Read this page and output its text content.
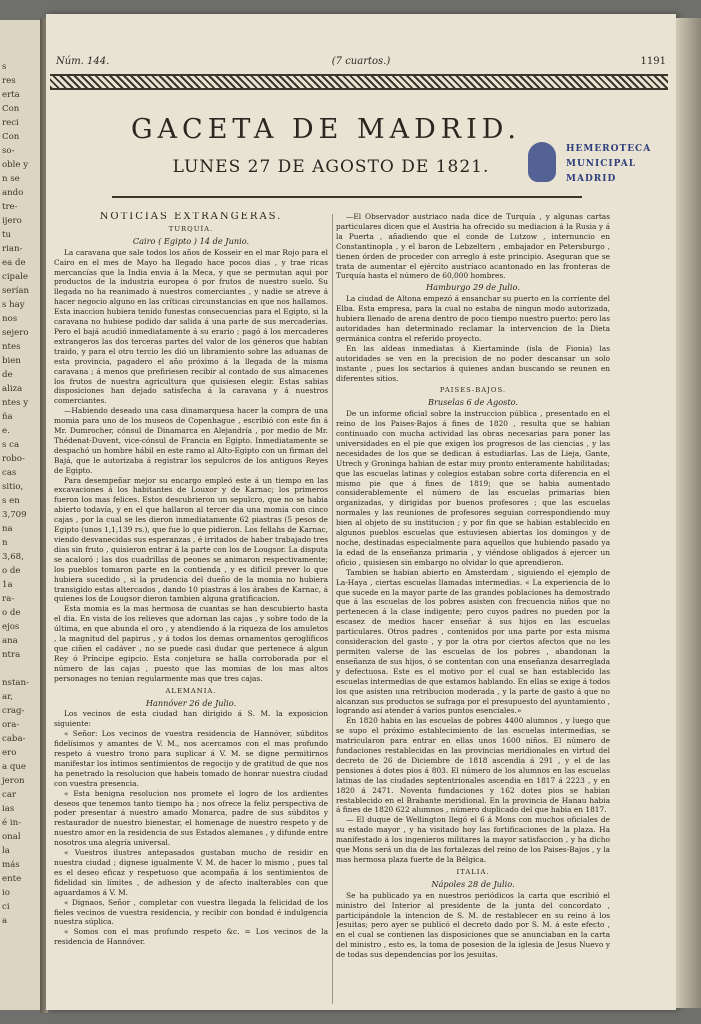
s
res
erta
Con
reci
Con
so-
oble y
n se
ando
tre-
ijero
tu
rian-
ea de
cipale
serían
s hay
nos
sejero
ntes
bien
de
aliza
ntes y
ña
e.
s ca
robo-
cas
sitio,
s en
3,709
na
n
3,68,
o de
1a
ra-
o de
ejos
ana
ntra

nstan-
ar,
crag-
ora-
caba-
ero
a que
jeron
car
ias
é in-
onal
la
más
ente
io
ci
a
Núm. 144.	(7 cuartos.)	1191
GACETA DE MADRID.
LUNES 27 DE AGOSTO DE 1821.
HEMEROTECA
MUNICIPAL
MADRID
NOTICIAS EXTRANGERAS.
TURQUÍA.
Cairo ( Egipto ) 14 de Junio.

La caravana que sale todos los años de Kosseir en el mar Rojo para el Cairo en el mes de Mayo ha llegado hace pocos dias , y trae ricas mercancías que la India envia á la Meca, y que se permutan aqui por productos de la industria europea ó por frutos de nuestro suelo. Su llegada no ha reanimado á nuestros comerciantes , y nadie se atreve á hacer negocio alguno en las críticas circunstancias en que nos hallamos. Esta inaccion hubiera tenido funestas consecuencias para el Egipto, si la caravana no hubiese podido dar salida á una parte de sus mercaderías. Pero el bajá acudió inmediatamente á su erario ; pagó á los mercaderes extrangeros las dos terceras partes del valor de los géneros que habian traido, y para el otro tercio les dió un libramiento sobre las aduanas de esta provincia, pagadero el año próximo á la llegada de la misma caravana ; á menos que prefiriesen recibir al contado de sus almacenes los frutos de nuestra agricultura que quisiesen elegir. Estas sabias disposiciones han dejado satisfecha á la caravana y á nuestros comerciantes.

—Habiendo deseado una casa dinamarquesa hacer la compra de una momia para uno de los museos de Copenhague , escribió con este fin á Mr. Dumrocher, cónsul de Dinamarca en Alejandría , por medio de Mr. Thédenat-Duvent, vice-cónsul de Francia en Egipto. Inmediatamente se despachó un hombre hábil en este ramo al Alto-Egipto con un firman del Bajá, que le autorizaba á registrar los sepulcros de los antiguos Reyes de Egipto.

Para desempeñar mejor su encargo empleó este á un tiempo en las excavaciones á los habitantes de Louxor y de Karnac; los primeros fueron los mas felices. Estos descubrieron un sepulcro, que no se habia abierto todavía, y en el que hallaron al tercer dia una momia con cinco cajas , por la cual se les dieron inmediatamente 62 piastras (5 pesos de Egipto (unos 1,1,139 rs.), que fue lo que pidieron. Los fellahs de Karnac, viendo desvanecidas sus esperanzas , é irritados de haber trabajado tres dias sin fruto , quisieron entrar á la parte con los de Lougsor. La disputa se acaloró ; las dos cuadrillas de peones se animaron respectivamente; los pueblos tomaron parte en la contienda , y es difícil prever lo que hubiera sucedido , si la prudencia del dueño de la momia no hubiera transigido estas altercados , dando 10 piastras á los árabes de Karnac, á quienes los de Lougsor dieron tambien alguna gratificacion.

Esta momia es la mas hermosa de cuantas se han descubierto hasta el dia. En vista de los relieves que adornan las cajas , y sobre todo de la última, en que abunda el oro , y atendiendo á la riqueza de los amuletos , la magnitud del papirus , y á todos los demas ornamentos geroglíficos que ciñen el cadáver , no se puede casi dudar que pertenece á algun Rey ó Príncipe egipcio. Esta conjetura se halla corroborada por el número de las cajas , puesto que las momias de los mas altos personages no tenian regularmente mas que tres cajas.

ALEMANIA.
Hannóver 26 de Julio.

Los vecinos de esta ciudad han dirigido á S. M. la exposicion siguiente:

« Señor: Los vecinos de vuestra residencia de Hannóver, súbditos fidelísimos y amantes de V. M., nos acercamos con el mas profundo respeto á vuestro trono para suplicar á V. M. se digne permitirnos manifestar los íntimos sentimientos de regocijo y de gratitud de que nos ha penetrado la resolucion que habeis tomado de honrar nuestra ciudad con vuestra presencia.

« Esta benigna resolucion nos promete el logro de los ardientes deseos que tenemos tanto tiempo ha ; nos ofrece la feliz perspectiva de poder presentar á nuestro amado Monarca, padre de sus súbditos y restaurador de nuestro bienestar, el homenage de nuestro respeto y de nuestro amor en la residencia de sus Estados alemanes , y difunde entre nosotros una alegría universal.

« Vuestros ilustres antepasados gustaban mucho de residir en nuestra ciudad ; dignese igualmente V. M. de hacer lo mismo , pues tal es el deseo eficaz y respetuoso que acompaña á los sentimientos de fidelidad sin límites , de adhesion y de afecto inalterables con que aguardamos á V. M.

« Dignaos, Señor , completar con vuestra llegada la felicidad de los fieles vecinos de vuestra residencia, y recibir con bondad é indulgencia nuestra súplica.

« Somos con el mas profundo respeto &c. = Los vecinos de la residencia de Hannóver.

—El Observador austriaco nada dice de Turquía , y algunas cartas particulares dicen que el Austria ha ofrecido su mediacion á la Rusia y á la Puerta , añadiendo que el conde de Lutzow , internuncio en Constantinopla , y el baron de Lebzeltern , embajador en Petersburgo , tienen órden de proceder con arreglo á este principio. Aseguran que se trata de aumentar el ejército austríaco acantonado en las fronteras de Turquía hasta el número de 60,000 hombres.

Hamburgo 29 de Julio.

La ciudad de Altona empezó á ensanchar su puerto en la corriente del Elba. Esta empresa, para la cual no estaba de ningun modo autorizada, hubiera llenado de arena dentro de poco tiempo nuestro puerto: pero las autoridades han determinado reclamar la intervencion de la Dieta germánica contra el referido proyecto.

En las aldeas inmediatas á Kiertaminde (isla de Fionia) las autoridades se ven en la precision de no poder descansar un solo instante , pues los sectarios á quienes andan buscando se reunen en diferentes sitios.

PAISES-BAJOS.
Bruselas 6 de Agosto.

De un informe oficial sobre la instruccion pública , presentado en el reino de los Paises-Bajos á fines de 1820 , resulta que se habian continuado con mucha actividad las obras necesarias para poner las universidades en el pie que exigen los progresos de las ciencias , y las necesidades de los que se dedican á estudiarlas. Las de Lieja, Gante, Utrech y Groninga habian de estar muy pronto enteramente habilitadas; que las escuelas latinas y colegios estaban sobre corta diferencia en el mismo pie que á fines de 1819; que se habia aumentado considerablemente el número de las escuelas primarias bien organizadas, y dirigidas por buenos profesores ; que las escuelas normales y las reuniones de profesores seguian correspondiendo muy bien al objeto de su institucion ; y por fin que se habian establecido en algunos pueblos escuelas que estuviesen abiertas los domingos y de noche, destinadas especialmente para aquellos que hubiendo pasado ya la edad de la enseñanza primaria , y viéndose obligados á ejercer un oficio , quisiesen sin embargo no olvidar lo que aprendieron.

Tambien se habian abierto en Amsterdam , siguiendo el ejemplo de La-Haya , ciertas escuelas llamadas intermedias. « La experiencia de lo que sucede en la mayor parte de las grandes poblaciones ha demostrado que á las escuelas de los pobres asisten con frecuencia niños que no pertenecen á la clase indigente; pero cuyos padres no pueden por la escasez de medios hacer enseñar á sus hijos en las escuelas particulares. Otros padres , contenidos por una parte por esta misma consideracion del gasto , y por la otra por ciertos afectos que no les permiten valerse de las escuelas de los pobres , abandonan la enseñanza de sus hijos, ó se contentan con una enseñanza desarreglada y defectuosa. Este es el motivo por el cual se han establecido las escuelas intermedias de que estamos hablando. En ellas se exige á todos los que asisten una retribucion moderada , y la parte de gasto á que no alcanzan sus productos se sufraga por el presupuesto del ayuntamiento , logrando así atender á varios puntos esenciales.»

En 1820 habia en las escuelas de pobres 4400 alumnos , y luego que se supo el próximo establecimiento de las escuelas intermedias, se matricularon para entrar en ellas unos 1600 niños. El número de fundaciones restablecidas en las provincias meridionales en virtud del decreto de 26 de Diciembre de 1818 ascendia á 291 , y el de las pensiones á dotes pios á 803. El número de los alumnos en las escuelas latinas de las ciudades septentrionales ascendia en 1817 á 2223 , y en 1820 á 2471. Noventa fundaciones y 162 dotes pios se habian restablecido en el Brabante meridional. En la provincia de Hanau habia á fines de 1820 622 alumnos , número duplicado del que habia en 1817.

— El duque de Wellington llegó el 6 á Mons con muchos oficiales de su estado mayor , y ha visitado hoy las fortificaciones de la plaza. Ha manifestado á los ingenieros militares la mayor satisfaccion , y ha dicho que Mons será un dia de las fortalezas del reino de los Paises-Bajos , y la mas hermosa plaza fuerte de la Bélgica.

ITALIA.
Nápoles 28 de Julio.

Se ha publicado ya en nuestros periódicos la carta que escribió el ministro del Interior al presidente de la junta del concordato , participándole la intencion de S. M. de restablecer en su reino á los Jesuitas; pero ayer se publicó el decreto dado por S. M. á este efecto , en el cual se contienen las disposiciones que se anunciaban en la carta del ministro , esto es, la toma de posesion de la iglesia de Jesus Nuevo y de todas sus dependencias por los jesuitas.
